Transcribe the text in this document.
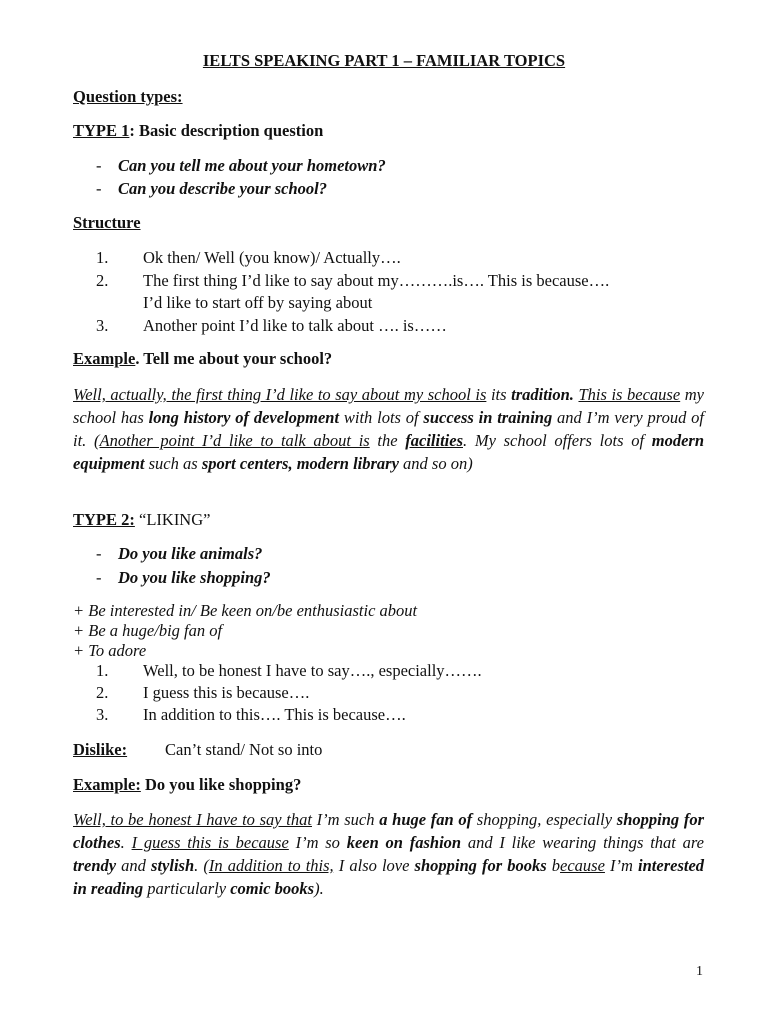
IELTS SPEAKING PART 1 – FAMILIAR TOPICS
Question types:
TYPE 1: Basic description question
- Can you tell me about your hometown?
- Can you describe your school?
Structure
1. Ok then/ Well (you know)/ Actually….
2. The first thing I’d like to say about my……….is…. This is because….
I’d like to start off by saying about
3. Another point I’d like to talk about …. is……
Example. Tell me about your school?
Well, actually, the first thing I’d like to say about my school is its tradition. This is because my school has long history of development with lots of success in training and I’m very proud of it. (Another point I’d like to talk about is the facilities. My school offers lots of modern equipment such as sport centers, modern library and so on)
TYPE 2: “LIKING”
- Do you like animals?
- Do you like shopping?
+ Be interested in/ Be keen on/be enthusiastic about
+ Be a huge/big fan of
+ To adore
1. Well, to be honest I have to say…., especially…….
2. I guess this is because….
3. In addition to this…. This is because….
Dislike: Can’t stand/ Not so into
Example: Do you like shopping?
Well, to be honest I have to say that I’m such a huge fan of shopping, especially shopping for clothes. I guess this is because I’m so keen on fashion and I like wearing things that are trendy and stylish. (In addition to this, I also love shopping for books because I’m interested in reading particularly comic books).
1
